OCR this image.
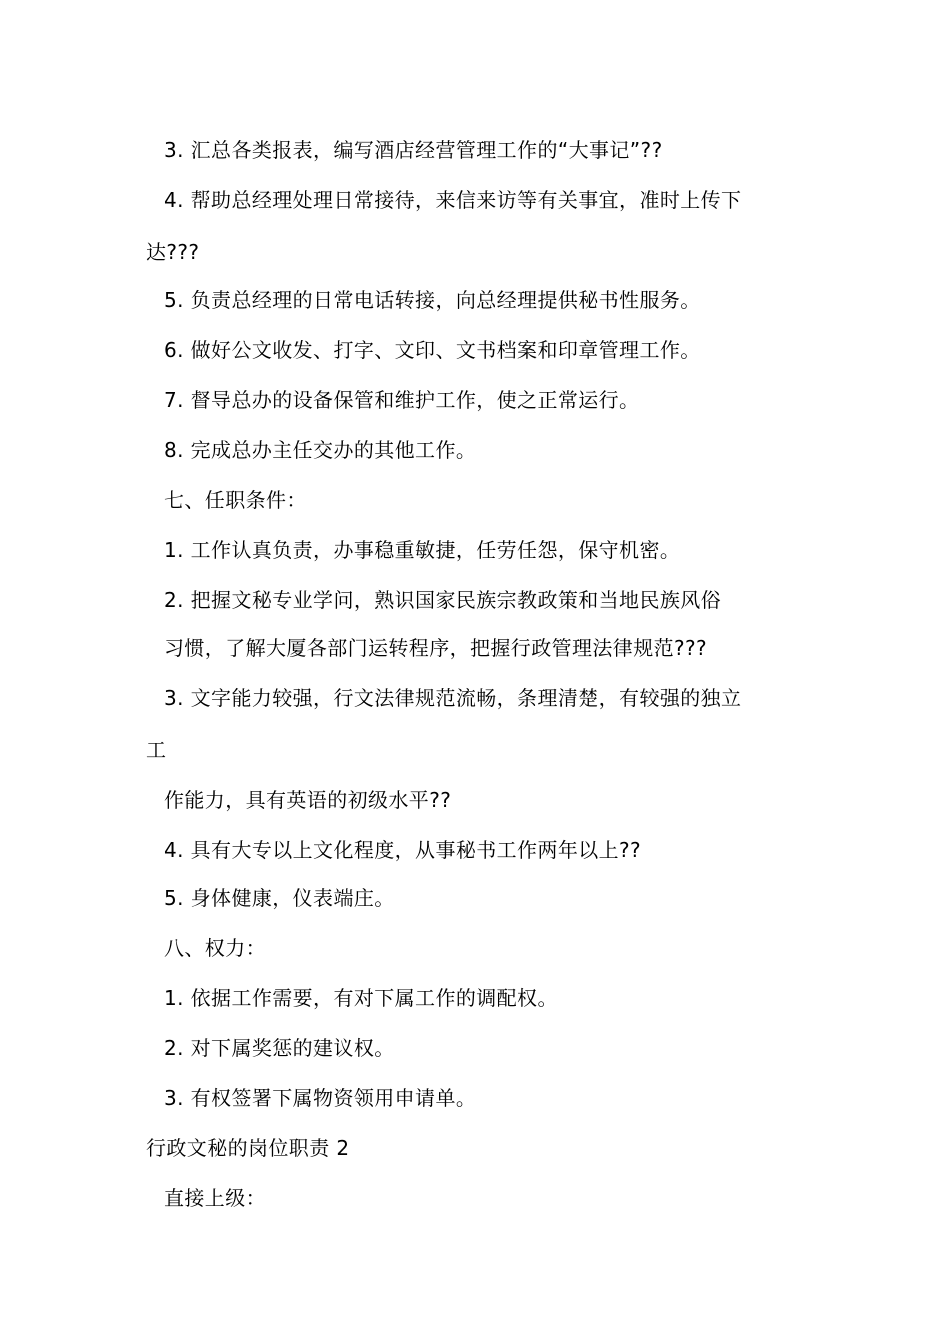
3. 汇总各类报表，编写酒店经营管理工作的“大事记”??
4. 帮助总经理处理日常接待，来信来访等有关事宜，准时上传下
达???
5. 负责总经理的日常电话转接，向总经理提供秘书性服务。
6. 做好公文收发、打字、文印、文书档案和印章管理工作。
7. 督导总办的设备保管和维护工作，使之正常运行。
8. 完成总办主任交办的其他工作。
七、任职条件：
1. 工作认真负责，办事稳重敏捷，任劳任怨，保守机密。
2. 把握文秘专业学问，熟识国家民族宗教政策和当地民族风俗
习惯，了解大厦各部门运转程序，把握行政管理法律规范???
3. 文字能力较强，行文法律规范流畅，条理清楚，有较强的独立
工
作能力，具有英语的初级水平??
4. 具有大专以上文化程度，从事秘书工作两年以上??
5. 身体健康，仪表端庄。
八、权力：
1. 依据工作需要，有对下属工作的调配权。
2. 对下属奖惩的建议权。
3. 有权签署下属物资领用申请单。
行政文秘的岗位职责 2
直接上级：
